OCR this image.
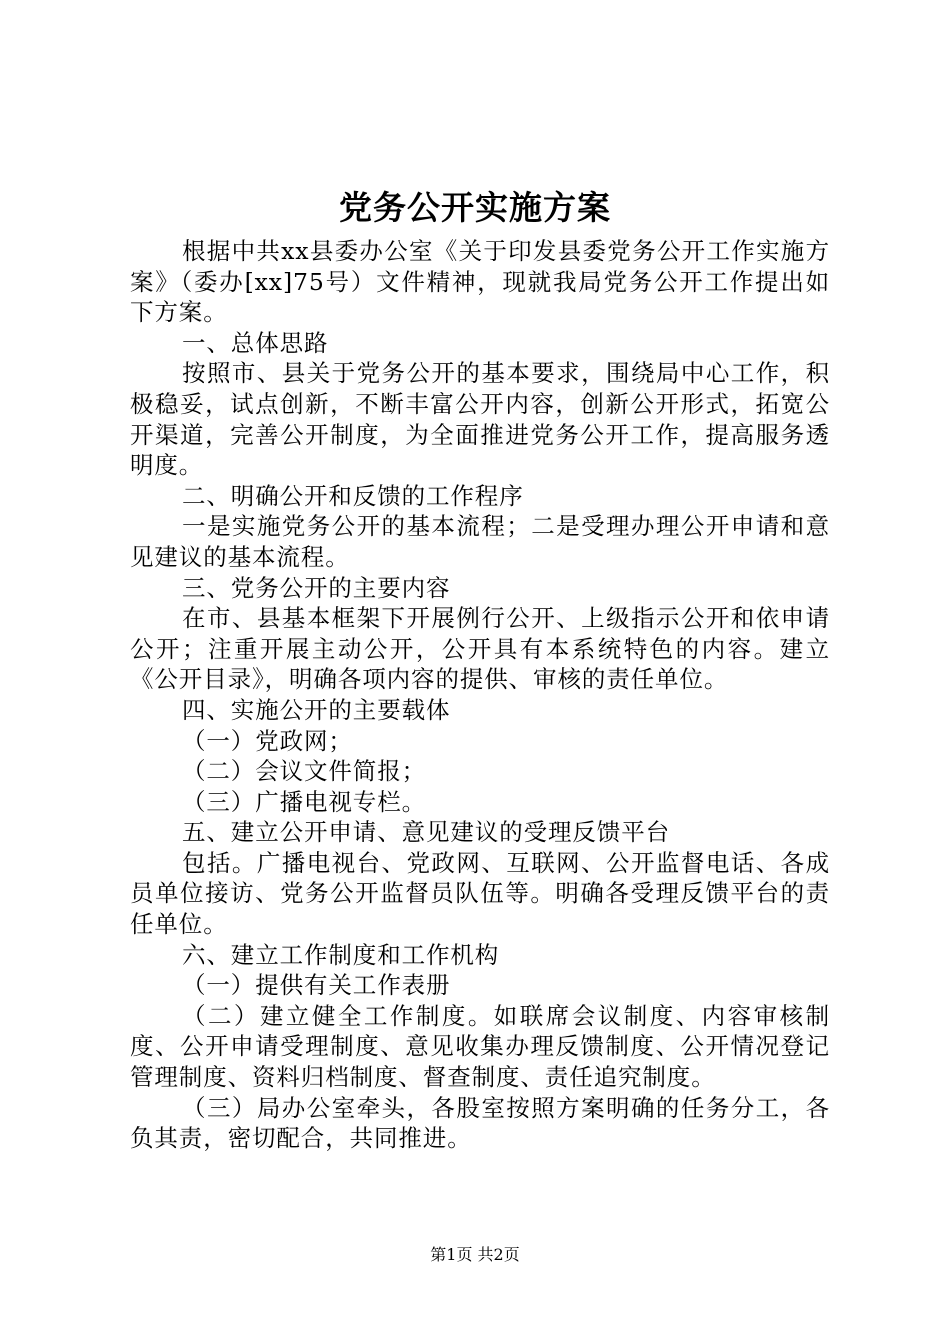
党务公开实施方案

根据中共xx县委办公室《关于印发县委党务公开工作实施方案》（委办[xx]75号）文件精神，现就我局党务公开工作提出如下方案。

一、总体思路

按照市、县关于党务公开的基本要求，围绕局中心工作，积极稳妥，试点创新，不断丰富公开内容，创新公开形式，拓宽公开渠道，完善公开制度，为全面推进党务公开工作，提高服务透明度。

二、明确公开和反馈的工作程序

一是实施党务公开的基本流程；二是受理办理公开申请和意见建议的基本流程。

三、党务公开的主要内容

在市、县基本框架下开展例行公开、上级指示公开和依申请公开；注重开展主动公开，公开具有本系统特色的内容。建立《公开目录》，明确各项内容的提供、审核的责任单位。

四、实施公开的主要载体

（一）党政网；

（二）会议文件简报；

（三）广播电视专栏。

五、建立公开申请、意见建议的受理反馈平台

包括。广播电视台、党政网、互联网、公开监督电话、各成员单位接访、党务公开监督员队伍等。明确各受理反馈平台的责任单位。

六、建立工作制度和工作机构

（一）提供有关工作表册

（二）建立健全工作制度。如联席会议制度、内容审核制度、公开申请受理制度、意见收集办理反馈制度、公开情况登记管理制度、资料归档制度、督查制度、责任追究制度。

（三）局办公室牵头，各股室按照方案明确的任务分工，各负其责，密切配合，共同推进。

第1页 共2页
